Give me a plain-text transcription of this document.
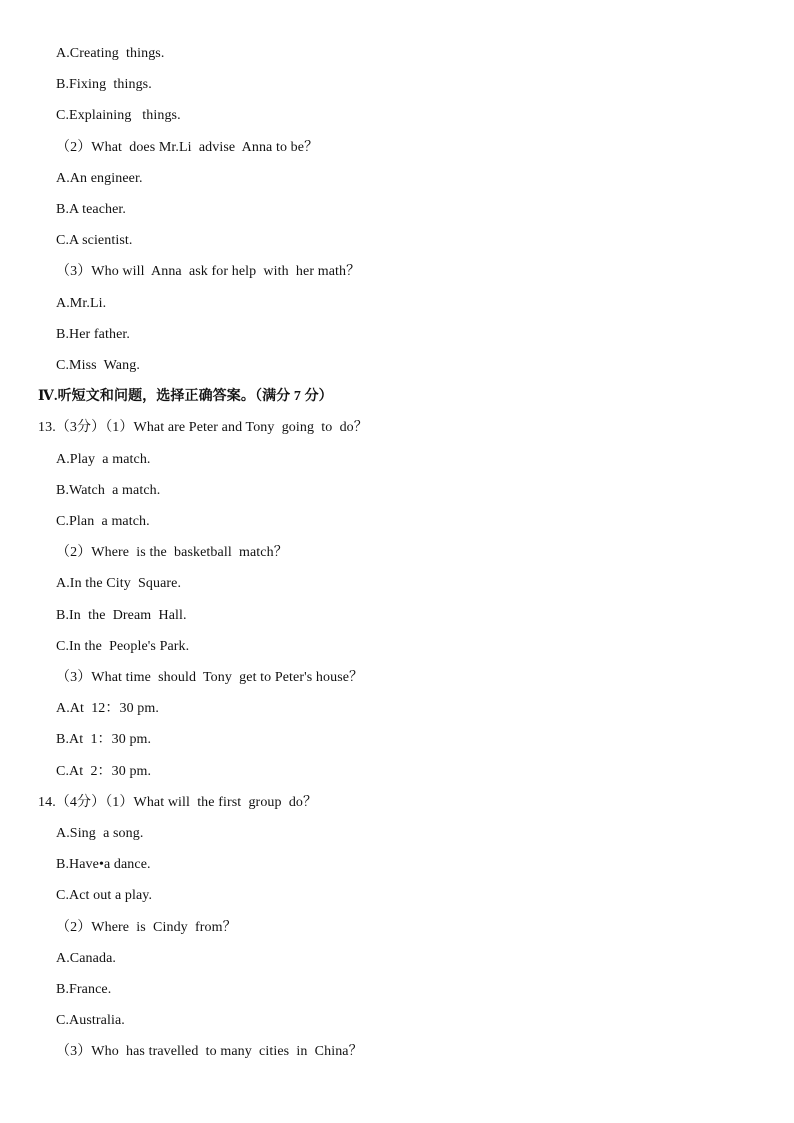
A.Creating  things.
B.Fixing  things.
C.Explaining   things.
（2）What  does Mr.Li  advise  Anna to be？
A.An engineer.
B.A teacher.
C.A scientist.
（3）Who will  Anna  ask for help  with  her math？
A.Mr.Li.
B.Her father.
C.Miss  Wang.
Ⅳ.听短文和问题，选择正确答案。（满分 7 分）
13.（3分）（1）What are Peter and Tony  going  to  do？
A.Play  a match.
B.Watch  a match.
C.Plan  a match.
（2）Where  is the  basketball  match？
A.In the City  Square.
B.In  the  Dream  Hall.
C.In the  People's Park.
（3）What time  should  Tony  get to Peter's house？
A.At  12：30 pm.
B.At  1：30 pm.
C.At  2：30 pm.
14.（4分）（1）What will  the first  group  do？
A.Sing  a song.
B.Have•a dance.
C.Act out a play.
（2）Where  is  Cindy  from？
A.Canada.
B.France.
C.Australia.
（3）Who  has travelled  to many  cities  in  China？
